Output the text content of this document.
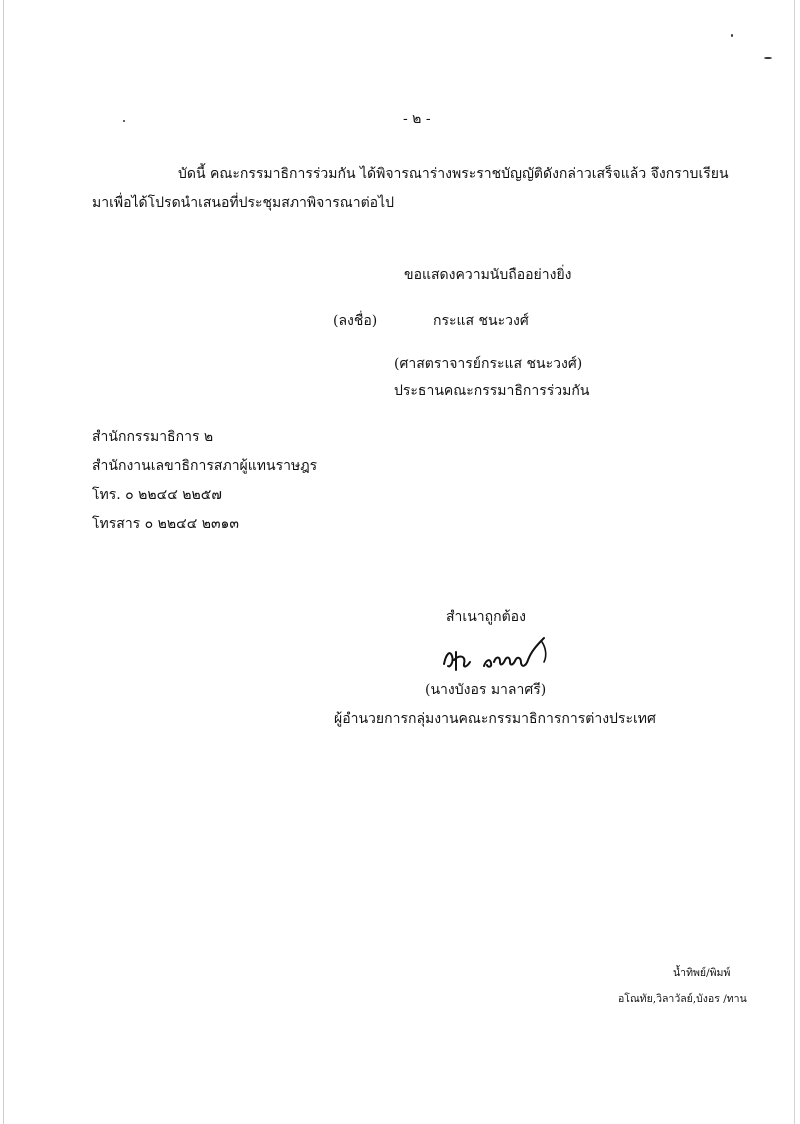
- ๒ -
บัดนี้ คณะกรรมาธิการร่วมกัน ได้พิจารณาร่างพระราชบัญญัติดังกล่าวเสร็จแล้ว จึงกราบเรียน
มาเพื่อได้โปรดนำเสนอที่ประชุมสภาพิจารณาต่อไป
ขอแสดงความนับถืออย่างยิ่ง
(ลงชื่อ)	กระแส ชนะวงศ์
(ศาสตราจารย์กระแส ชนะวงศ์)
ประธานคณะกรรมาธิการร่วมกัน
สำนักกรรมาธิการ ๒
สำนักงานเลขาธิการสภาผู้แทนราษฎร
โทร. ๐ ๒๒๔๔ ๒๒๕๗
โทรสาร ๐ ๒๒๔๔ ๒๓๑๓
สำเนาถูกต้อง
(นางบังอร มาลาศรี)
ผู้อำนวยการกลุ่มงานคณะกรรมาธิการการต่างประเทศ
น้ำทิพย์/พิมพ์
อโณทัย,วิลาวัลย์,บังอร /ทาน
